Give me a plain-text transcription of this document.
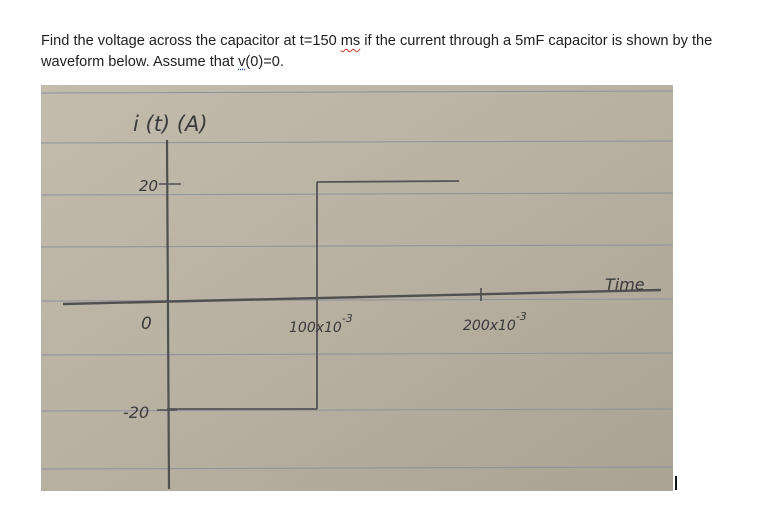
Find the voltage across the capacitor at t=150 ms if the current through a 5mF capacitor is shown by the
waveform below. Assume that v(0)=0.
i (t) (A)
20
0
-20
$100x10^{-3}$	$200x10^{-3}$
Time
